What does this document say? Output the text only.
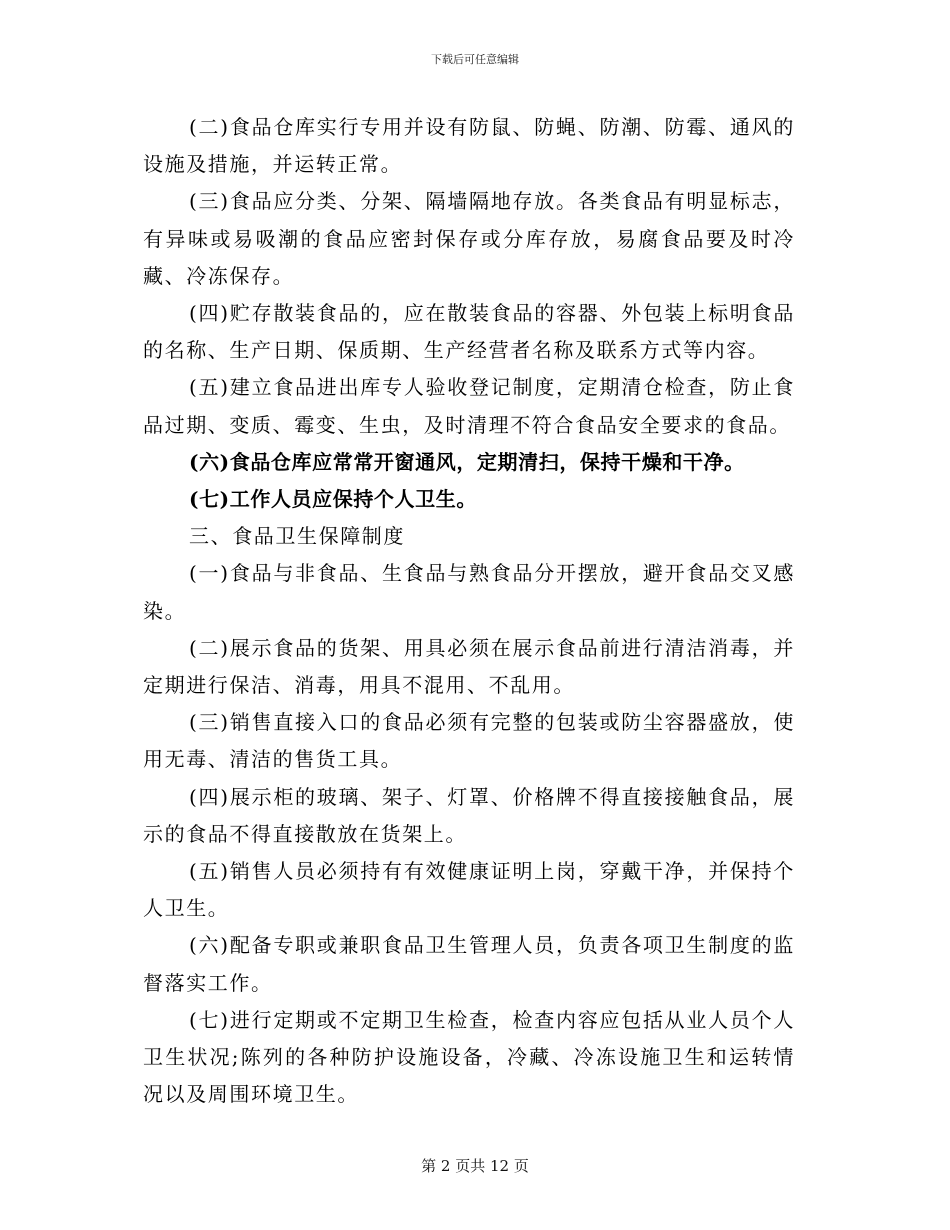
下载后可任意编辑

(二)食品仓库实行专用并设有防鼠、防蝇、防潮、防霉、通风的设施及措施，并运转正常。

(三)食品应分类、分架、隔墙隔地存放。各类食品有明显标志，有异味或易吸潮的食品应密封保存或分库存放，易腐食品要及时冷藏、冷冻保存。

(四)贮存散装食品的，应在散装食品的容器、外包装上标明食品的名称、生产日期、保质期、生产经营者名称及联系方式等内容。

(五)建立食品进出库专人验收登记制度，定期清仓检查，防止食品过期、变质、霉变、生虫，及时清理不符合食品安全要求的食品。

(六)食品仓库应常常开窗通风，定期清扫，保持干燥和干净。

(七)工作人员应保持个人卫生。

三、食品卫生保障制度

(一)食品与非食品、生食品与熟食品分开摆放，避开食品交叉感染。

(二)展示食品的货架、用具必须在展示食品前进行清洁消毒，并定期进行保洁、消毒，用具不混用、不乱用。

(三)销售直接入口的食品必须有完整的包装或防尘容器盛放，使用无毒、清洁的售货工具。

(四)展示柜的玻璃、架子、灯罩、价格牌不得直接接触食品，展示的食品不得直接散放在货架上。

(五)销售人员必须持有有效健康证明上岗，穿戴干净，并保持个人卫生。

(六)配备专职或兼职食品卫生管理人员，负责各项卫生制度的监督落实工作。

(七)进行定期或不定期卫生检查，检查内容应包括从业人员个人卫生状况;陈列的各种防护设施设备，冷藏、冷冻设施卫生和运转情况以及周围环境卫生。

第 2 页共 12 页
